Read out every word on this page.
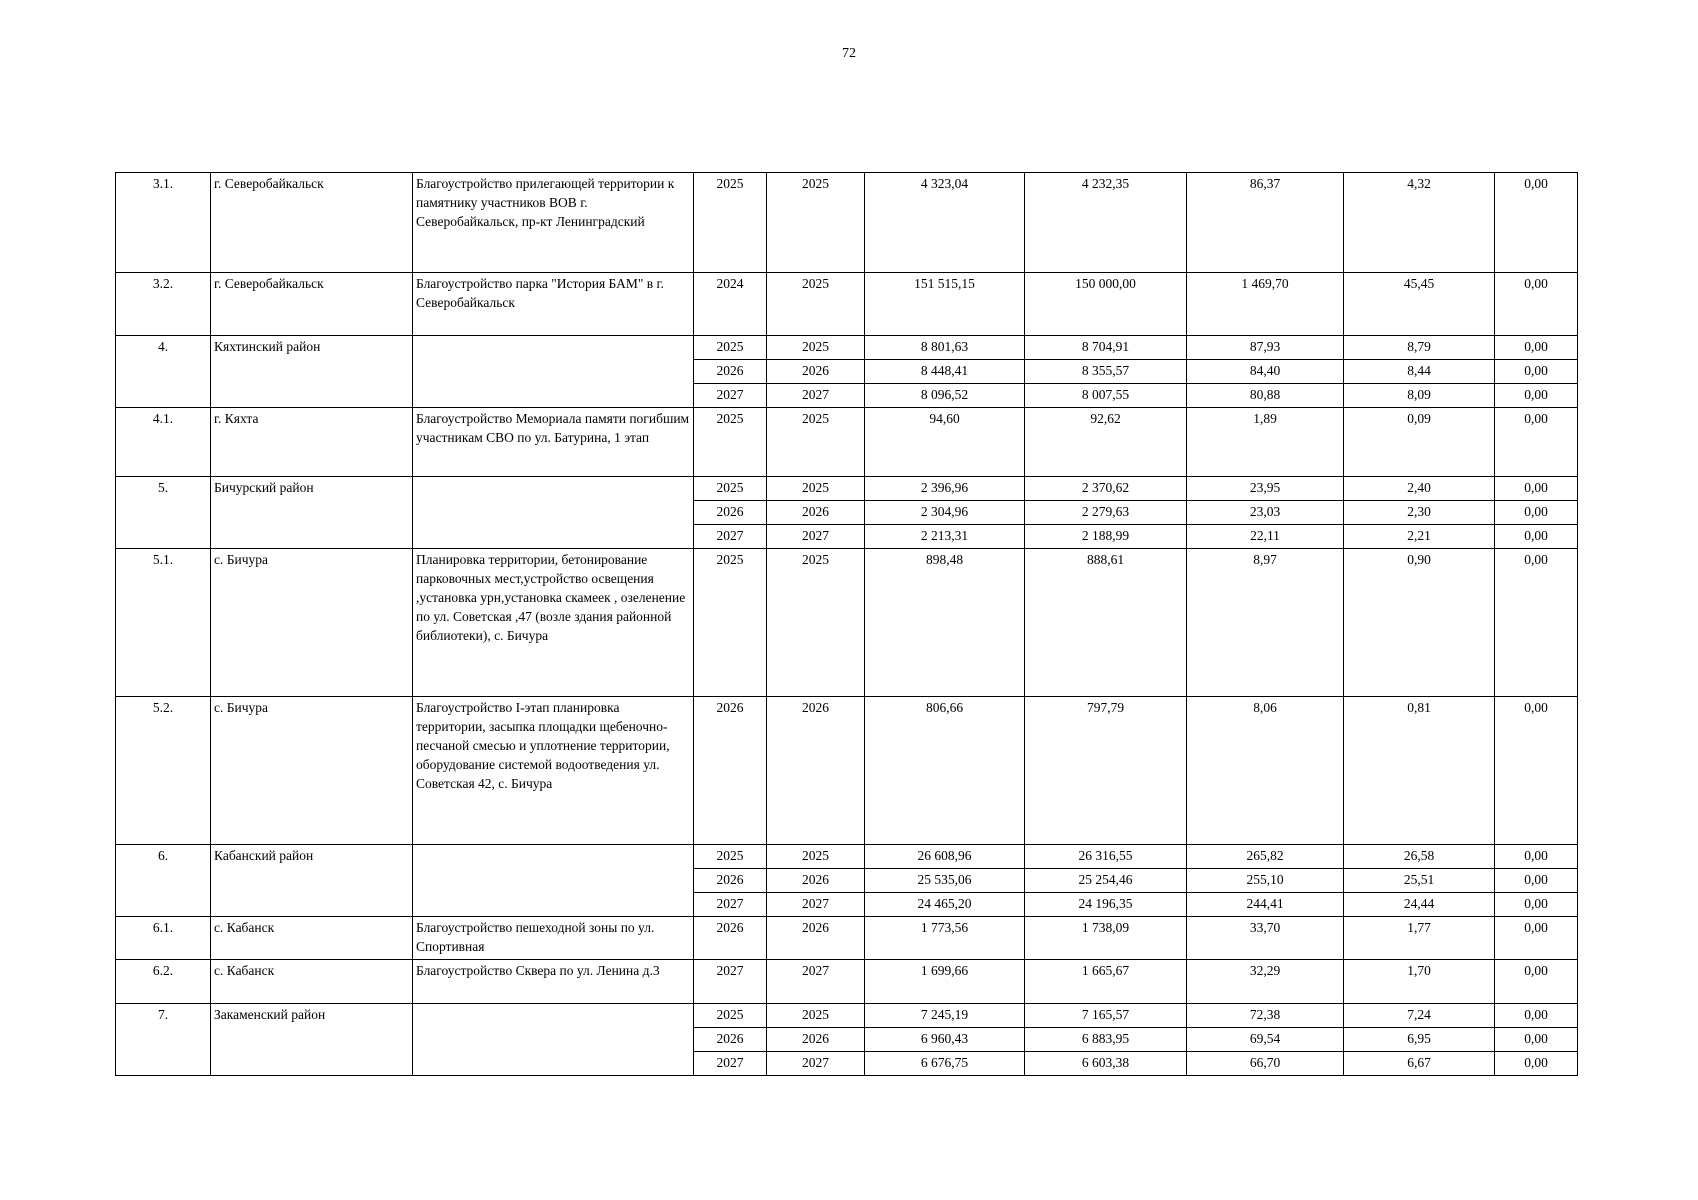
72
3.1.	г. Северобайкальск	Благоустройство прилегающей территории к памятнику участников ВОВ г. Северобайкальск, пр-кт Ленинградский	2025	2025	4 323,04	4 232,35	86,37	4,32	0,00
3.2.	г. Северобайкальск	Благоустройство парка "История БАМ" в г. Северобайкальск	2024	2025	151 515,15	150 000,00	1 469,70	45,45	0,00
4.	Кяхтинский район		2025	2025	8 801,63	8 704,91	87,93	8,79	0,00
			2026	2026	8 448,41	8 355,57	84,40	8,44	0,00
			2027	2027	8 096,52	8 007,55	80,88	8,09	0,00
4.1.	г. Кяхта	Благоустройство Мемориала памяти погибшим участникам СВО по ул. Батурина, 1 этап	2025	2025	94,60	92,62	1,89	0,09	0,00
5.	Бичурский район		2025	2025	2 396,96	2 370,62	23,95	2,40	0,00
			2026	2026	2 304,96	2 279,63	23,03	2,30	0,00
			2027	2027	2 213,31	2 188,99	22,11	2,21	0,00
5.1.	с. Бичура	Планировка территории, бетонирование парковочных мест,устройство освещения ,установка урн,установка скамеек , озеленение по ул. Советская ,47 (возле здания районной библиотеки), с. Бичура	2025	2025	898,48	888,61	8,97	0,90	0,00
5.2.	с. Бичура	Благоустройство I-этап планировка территории, засыпка площадки щебеночно-песчаной смесью и уплотнение территории, оборудование системой водоотведения ул. Советская 42, с. Бичура	2026	2026	806,66	797,79	8,06	0,81	0,00
6.	Кабанский район		2025	2025	26 608,96	26 316,55	265,82	26,58	0,00
			2026	2026	25 535,06	25 254,46	255,10	25,51	0,00
			2027	2027	24 465,20	24 196,35	244,41	24,44	0,00
6.1.	с. Кабанск	Благоустройство пешеходной зоны по ул. Спортивная	2026	2026	1 773,56	1 738,09	33,70	1,77	0,00
6.2.	с. Кабанск	Благоустройство Сквера по ул. Ленина д.3	2027	2027	1 699,66	1 665,67	32,29	1,70	0,00
7.	Закаменский район		2025	2025	7 245,19	7 165,57	72,38	7,24	0,00
			2026	2026	6 960,43	6 883,95	69,54	6,95	0,00
			2027	2027	6 676,75	6 603,38	66,70	6,67	0,00
